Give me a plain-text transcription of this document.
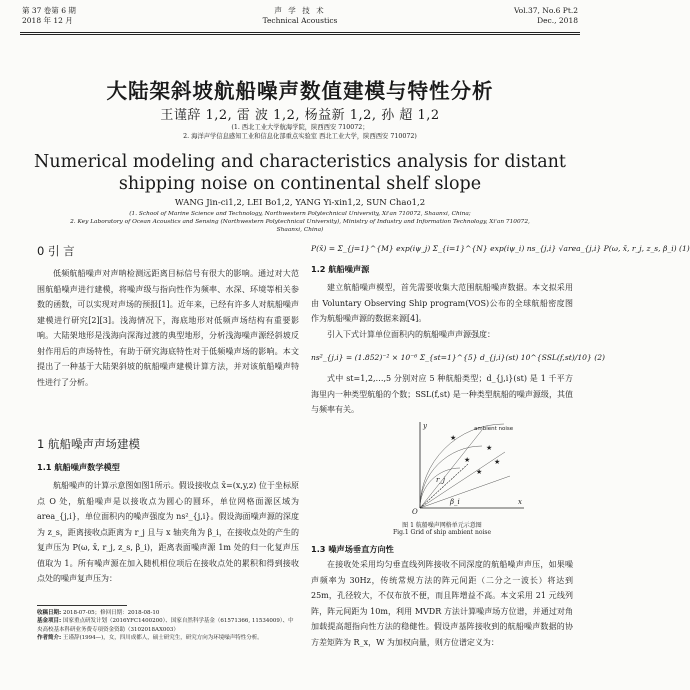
第 37 卷第 6 期
2018 年 12 月
声 学 技 术
Technical Acoustics
Vol.37, No.6 Pt.2
Dec., 2018
大陆架斜坡航船噪声数值建模与特性分析
王谨辞 1,2, 雷 波 1,2, 杨益新 1,2, 孙 超 1,2
(1. 西北工业大学航海学院，陕西西安 710072；
2. 海洋声学信息感知工业和信息化部重点实验室 西北工业大学，陕西西安 710072)
Numerical modeling and characteristics analysis for distant
shipping noise on continental shelf slope
WANG Jin-ci1,2, LEI Bo1,2, YANG Yi-xin1,2, SUN Chao1,2
(1. School of Marine Science and Technology, Northwestern Polytechnical University, Xi'an 710072, Shaanxi, China;
2. Key Laboratory of Ocean Acoustics and Sensing (Northwestern Polytechnical University), Ministry of Industry and Information Technology, Xi'an 710072,
Shaanxi, China)
0 引 言

低频航船噪声对声呐检测远距离目标信号有很大的影响。通过对大范围航船噪声进行建模，将噪声级与指向性作为频率、水深、环境等相关参数的函数，可以实现对声场的预报[1]。近年来，已经有许多人对航船噪声建模进行研究[2][3]。浅海情况下，海底地形对低频声场结构有重要影响。大陆架地形是浅海向深海过渡的典型地形，分析浅海噪声源经斜坡反射作用后的声场特性，有助于研究海底特性对于低频噪声场的影响。本文提出了一种基于大陆架斜坡的航船噪声建模计算方法，并对该航船噪声特性进行了分析。

1 航船噪声声场建模
1.1 航船噪声数学模型

航船噪声的计算示意图如图1所示。假设接收点 x̄=(x,y,z) 位于坐标原点 O 处，航船噪声是以接收点为圆心的圆环，单位网格面源区域为 area_{j,i}，单位面积内的噪声强度为 ns²_{j,i}。假设海面噪声源的深度为 z_s，距离接收点距离为 r_j 且与 x 轴夹角为 β_i，在接收点处的产生的复声压为 P(ω, x̄, r_j, z_s, β_i)，距离表面噪声源 1m 处的归一化复声压值取为 1。所有噪声源在加入随机相位项后在接收点处的累积和得到接收点处的噪声复声压为：

收稿日期: 2018-07-05；修回日期：2018-08-10
基金项目: 国家重点研发计划（2016YFC1400200）、国家自然科学基金（61571366, 11534009）、中央高校基本科研业务费专项资金资助（3102018AX003）
作者简介: 王谨辞(1994—)，女，四川成都人，硕士研究生，研究方向为环境噪声特性分析。
P(x̄) = Σ_{j=1}^{M} exp(iψ_j) Σ_{i=1}^{N} exp(iψ_i) ns_{j,i} √area_{j,i} P(ω, x̄, r_j, z_s, β_i) (1)
1.2 航船噪声源

建立航船噪声模型，首先需要收集大范围航船噪声数据。本文拟采用由 Voluntary Observing Ship program(VOS)公布的全球航船密度图作为航船噪声源的数据来源[4]。

引入下式计算单位面积内的航船噪声声源强度：

ns²_{j,i} = (1.852)⁻² × 10⁻⁶ Σ_{st=1}^{5} d_{j,i}(st) 10^{SSL(f,st)/10} (2)

式中 st=1,2,…,5 分别对应 5 种航船类型；d_{j,i}(st) 是 1 千平方海里内一种类型航船的个数；SSL(f,st) 是一种类型航船的噪声源级，其值与频率有关。

★
★
★
★
★
x
y
O
r_j
β_i
ambient noise
图 1 航船噪声网格单元示意图
Fig.1 Grid of ship ambient noise
1.3 噪声场垂直方向性

在接收处采用均匀垂直线列阵接收不同深度的航船噪声声压，如果噪声频率为 30Hz，传统常规方法的阵元间距（二分之一波长）将达到 25m，孔径较大，不仅布放不便，而且阵增益不高。本文采用 21 元线列阵，阵元间距为 10m，利用 MVDR 方法计算噪声场方位谱，并通过对角加载提高超指向性方法的稳健性。假设声基阵接收到的航船噪声数据的协方差矩阵为 R_x，W 为加权向量，则方位谱定义为：
